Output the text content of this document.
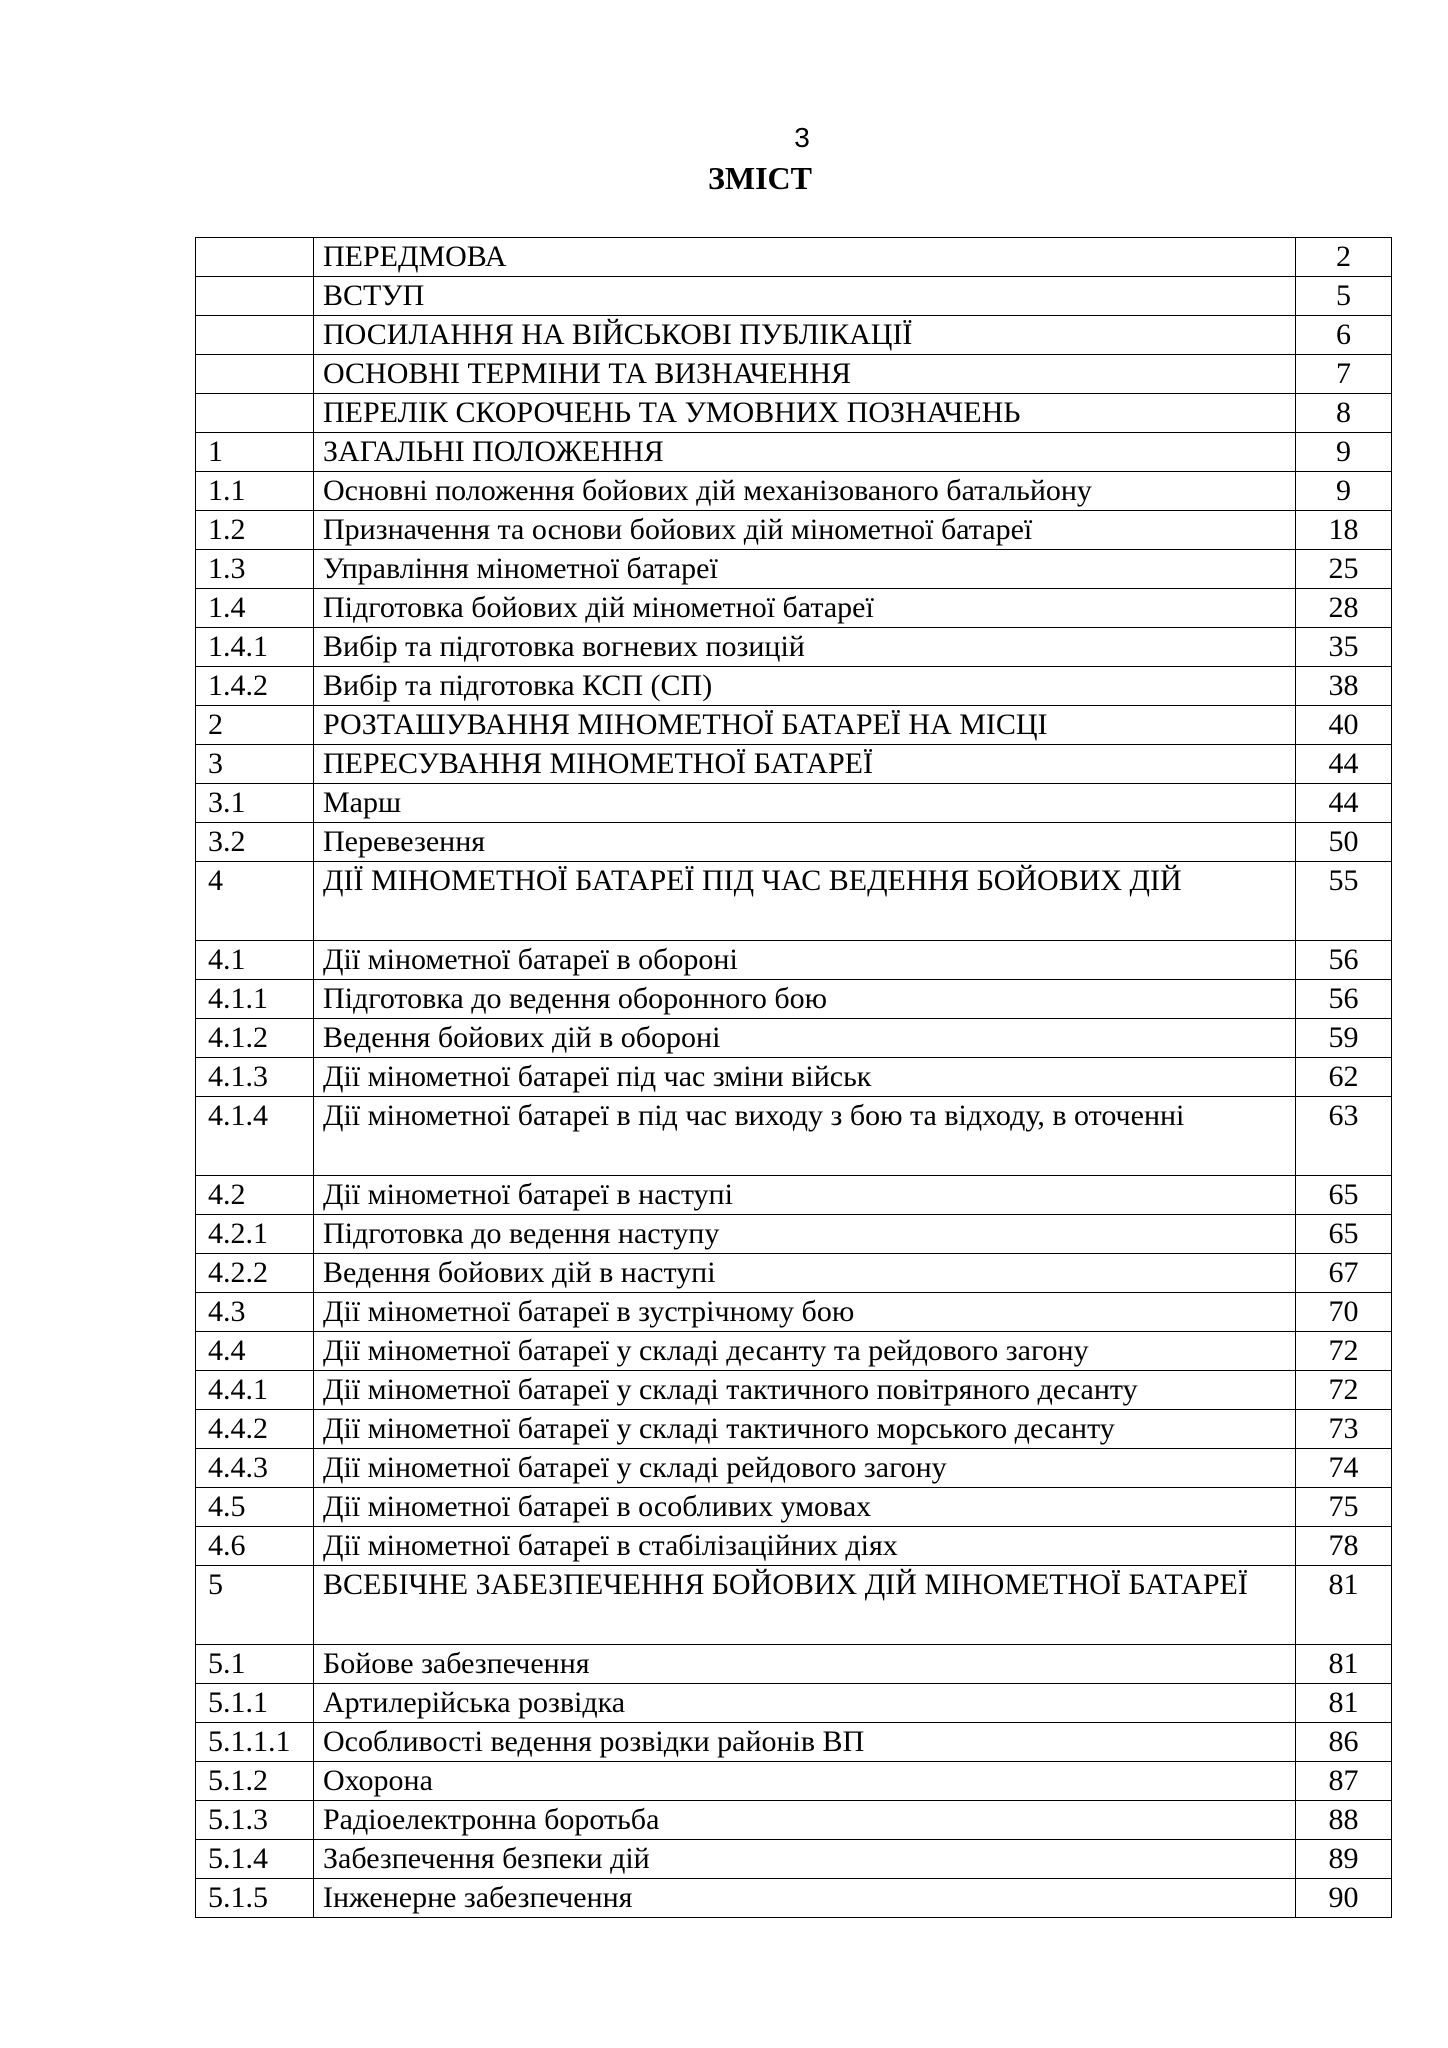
3
ЗМІСТ
	ПЕРЕДМОВА	2
	ВСТУП	5
	ПОСИЛАННЯ НА ВІЙСЬКОВІ ПУБЛІКАЦІЇ	6
	ОСНОВНІ ТЕРМІНИ ТА ВИЗНАЧЕННЯ	7
	ПЕРЕЛІК СКОРОЧЕНЬ ТА УМОВНИХ ПОЗНАЧЕНЬ	8
1	ЗАГАЛЬНІ ПОЛОЖЕННЯ	9
1.1	Основні положення бойових дій механізованого батальйону	9
1.2	Призначення та основи бойових дій мінометної батареї	18
1.3	Управління мінометної батареї	25
1.4	Підготовка бойових дій мінометної батареї	28
1.4.1	Вибір та підготовка вогневих позицій	35
1.4.2	Вибір та підготовка КСП (СП)	38
2	РОЗТАШУВАННЯ МІНОМЕТНОЇ БАТАРЕЇ НА МІСЦІ	40
3	ПЕРЕСУВАННЯ МІНОМЕТНОЇ БАТАРЕЇ	44
3.1	Марш	44
3.2	Перевезення	50
4	ДІЇ МІНОМЕТНОЇ БАТАРЕЇ ПІД ЧАС ВЕДЕННЯ БОЙОВИХ ДІЙ	55
4.1	Дії мінометної батареї в обороні	56
4.1.1	Підготовка до ведення оборонного бою	56
4.1.2	Ведення бойових дій в обороні	59
4.1.3	Дії мінометної батареї під час зміни військ	62
4.1.4	Дії мінометної батареї в під час виходу з бою та відходу, в оточенні	63
4.2	Дії мінометної батареї в наступі	65
4.2.1	Підготовка до ведення наступу	65
4.2.2	Ведення бойових дій в наступі	67
4.3	Дії мінометної батареї в зустрічному бою	70
4.4	Дії мінометної батареї у складі десанту та рейдового загону	72
4.4.1	Дії мінометної батареї у складі тактичного повітряного десанту	72
4.4.2	Дії мінометної батареї у складі тактичного морського десанту	73
4.4.3	Дії мінометної батареї у складі рейдового загону	74
4.5	Дії мінометної батареї в особливих умовах	75
4.6	Дії мінометної батареї в стабілізаційних діях	78
5	ВСЕБІЧНЕ ЗАБЕЗПЕЧЕННЯ БОЙОВИХ ДІЙ МІНОМЕТНОЇ БАТАРЕЇ	81
5.1	Бойове забезпечення	81
5.1.1	Артилерійська розвідка	81
5.1.1.1	Особливості ведення розвідки районів ВП	86
5.1.2	Охорона	87
5.1.3	Радіоелектронна боротьба	88
5.1.4	Забезпечення безпеки дій	89
5.1.5	Інженерне забезпечення	90
